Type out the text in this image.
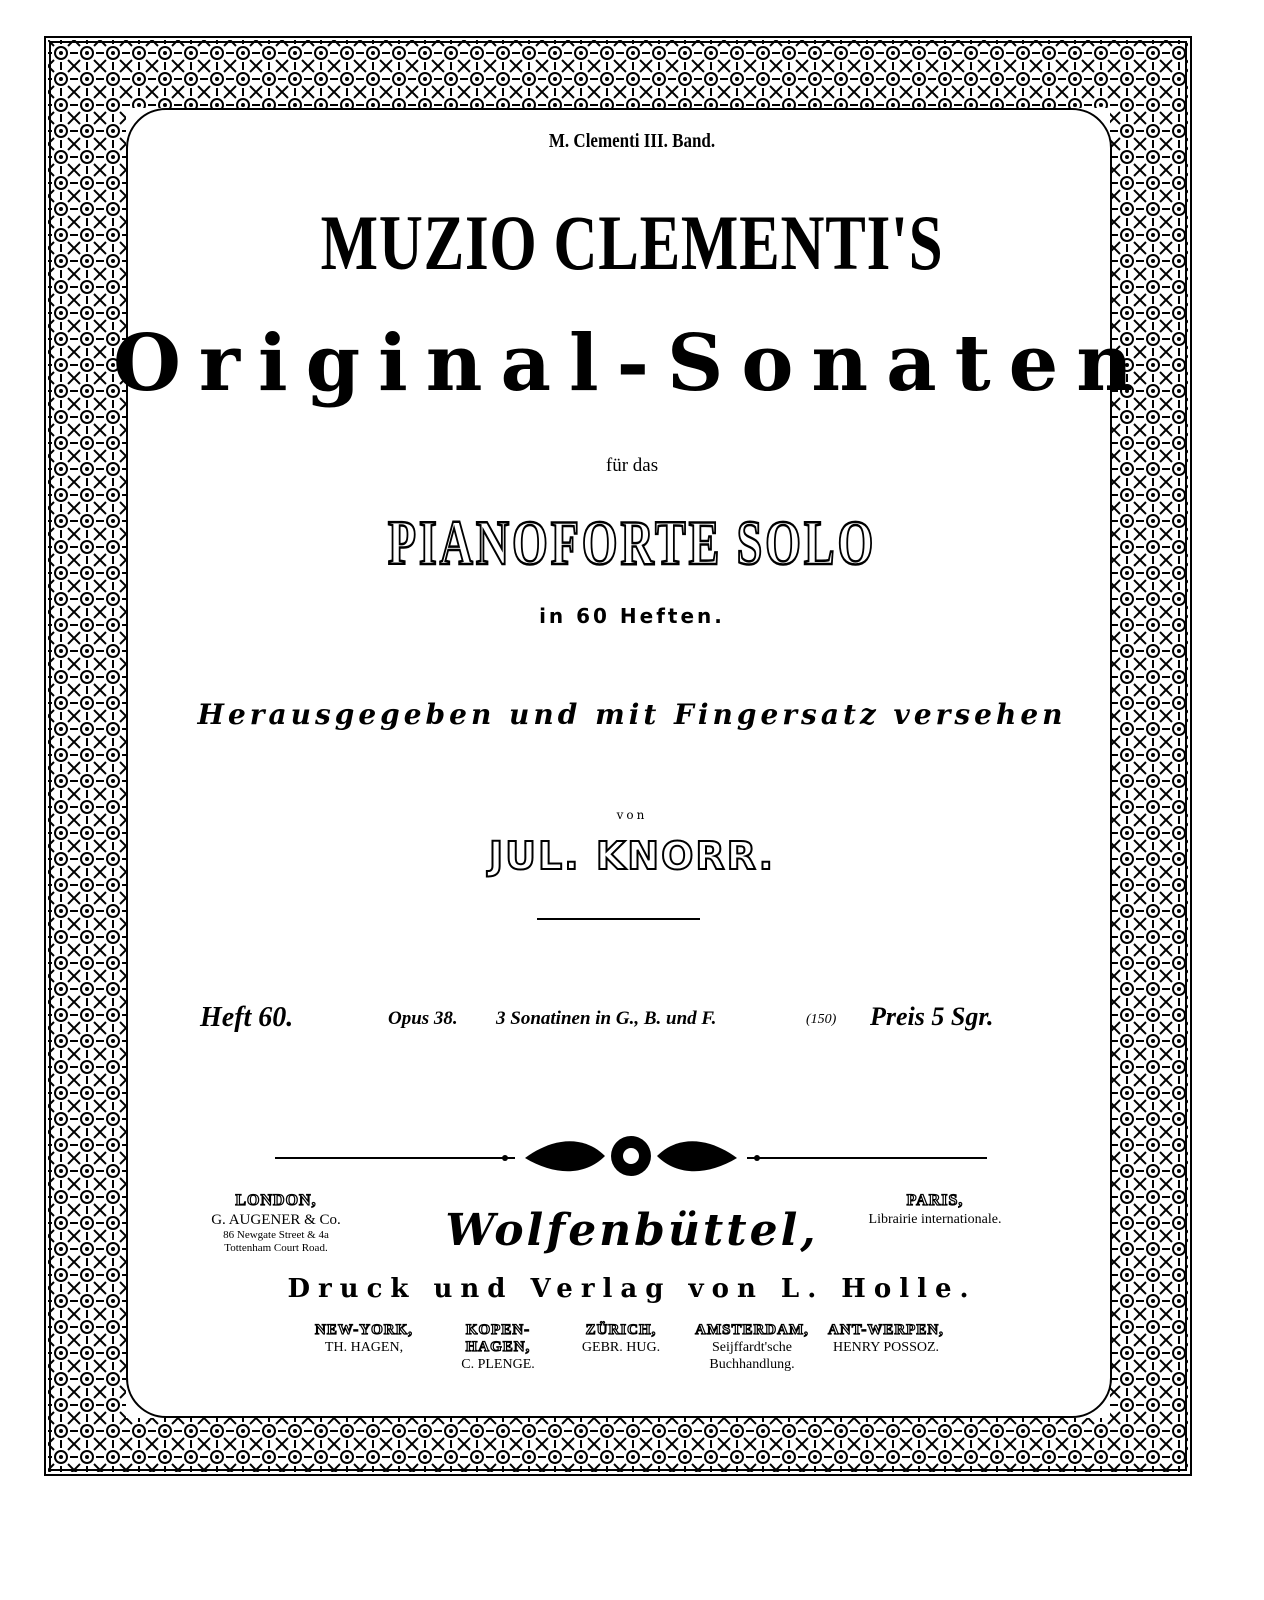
M. Clementi III. Band.
MUZIO CLEMENTI'S
Original-Sonaten
für das
PIANOFORTE SOLO
in 60 Heften.
Herausgegeben und mit Fingersatz versehen
von
JUL. KNORR.
Heft 60.	Opus 38. 3 Sonatinen in G., B. und F.	(150) Preis 5 Sgr.
LONDON,
G. AUGENER & Co.
86 Newgate Street & 4a
Tottenham Court Road.
PARIS,
Librairie internationale.
Wolfenbüttel,
Druck und Verlag von L. Holle.
NEW-YORK,
TH. HAGEN,
KOPEN-HAGEN,
C. PLENGE.
ZÜRICH,
GEBR. HUG.
AMSTERDAM,
Seijffardt'sche Buchhandlung.
ANT-WERPEN,
HENRY POSSOZ.
